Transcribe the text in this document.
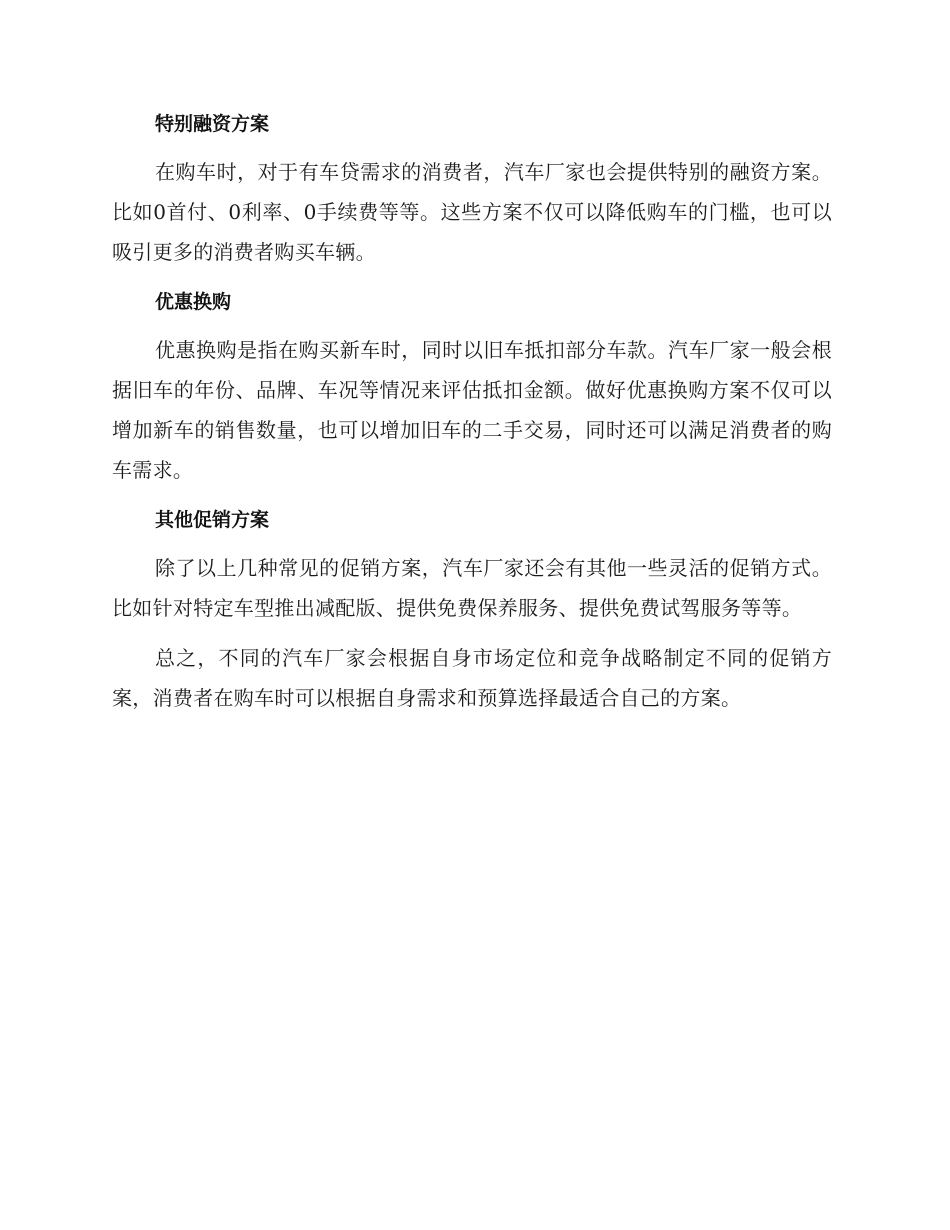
特别融资方案

在购车时，对于有车贷需求的消费者，汽车厂家也会提供特别的融资方案。比如0首付、0利率、0手续费等等。这些方案不仅可以降低购车的门槛，也可以吸引更多的消费者购买车辆。

优惠换购

优惠换购是指在购买新车时，同时以旧车抵扣部分车款。汽车厂家一般会根据旧车的年份、品牌、车况等情况来评估抵扣金额。做好优惠换购方案不仅可以增加新车的销售数量，也可以增加旧车的二手交易，同时还可以满足消费者的购车需求。

其他促销方案

除了以上几种常见的促销方案，汽车厂家还会有其他一些灵活的促销方式。比如针对特定车型推出减配版、提供免费保养服务、提供免费试驾服务等等。

总之，不同的汽车厂家会根据自身市场定位和竞争战略制定不同的促销方案，消费者在购车时可以根据自身需求和预算选择最适合自己的方案。
